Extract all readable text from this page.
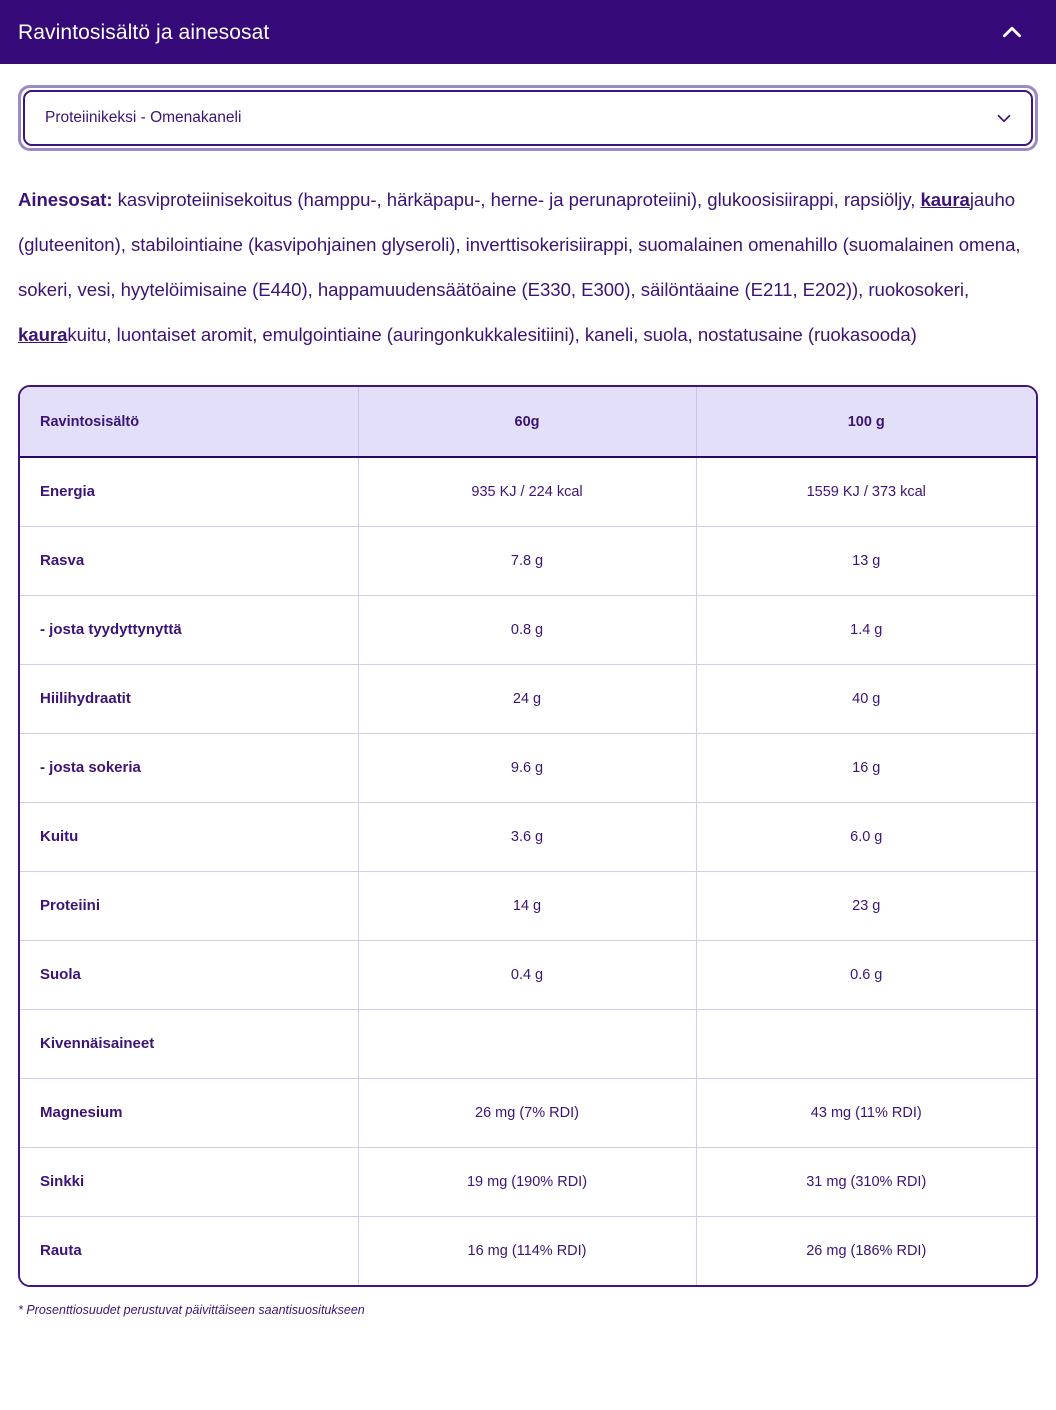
Ravintosisältö ja ainesosat
Proteiinikeksi - Omenakaneli

Ainesosat: kasviproteiinisekoitus (hamppu-, härkäpapu-, herne- ja perunaproteiini), glukoosisiirappi, rapsiöljy, kaurajauho (gluteeniton), stabilointiaine (kasvipohjainen glyseroli), inverttisokerisiirappi, suomalainen omenahillo (suomalainen omena, sokeri, vesi, hyytelöimisaine (E440), happamuudensäätöaine (E330, E300), säilöntäaine (E211, E202)), ruokosokeri, kaurakuitu, luontaiset aromit, emulgointiaine (auringonkukkalesitiini), kaneli, suola, nostatusaine (ruokasooda)

Ravintosisältö	60g	100 g
Energia	935 KJ / 224 kcal	1559 KJ / 373 kcal
Rasva	7.8 g	13 g
- josta tyydyttynyttä	0.8 g	1.4 g
Hiilihydraatit	24 g	40 g
- josta sokeria	9.6 g	16 g
Kuitu	3.6 g	6.0 g
Proteiini	14 g	23 g
Suola	0.4 g	0.6 g
Kivennäisaineet		
Magnesium	26 mg (7% RDI)	43 mg (11% RDI)
Sinkki	19 mg (190% RDI)	31 mg (310% RDI)
Rauta	16 mg (114% RDI)	26 mg (186% RDI)
* Prosenttiosuudet perustuvat päivittäiseen saantisuositukseen
